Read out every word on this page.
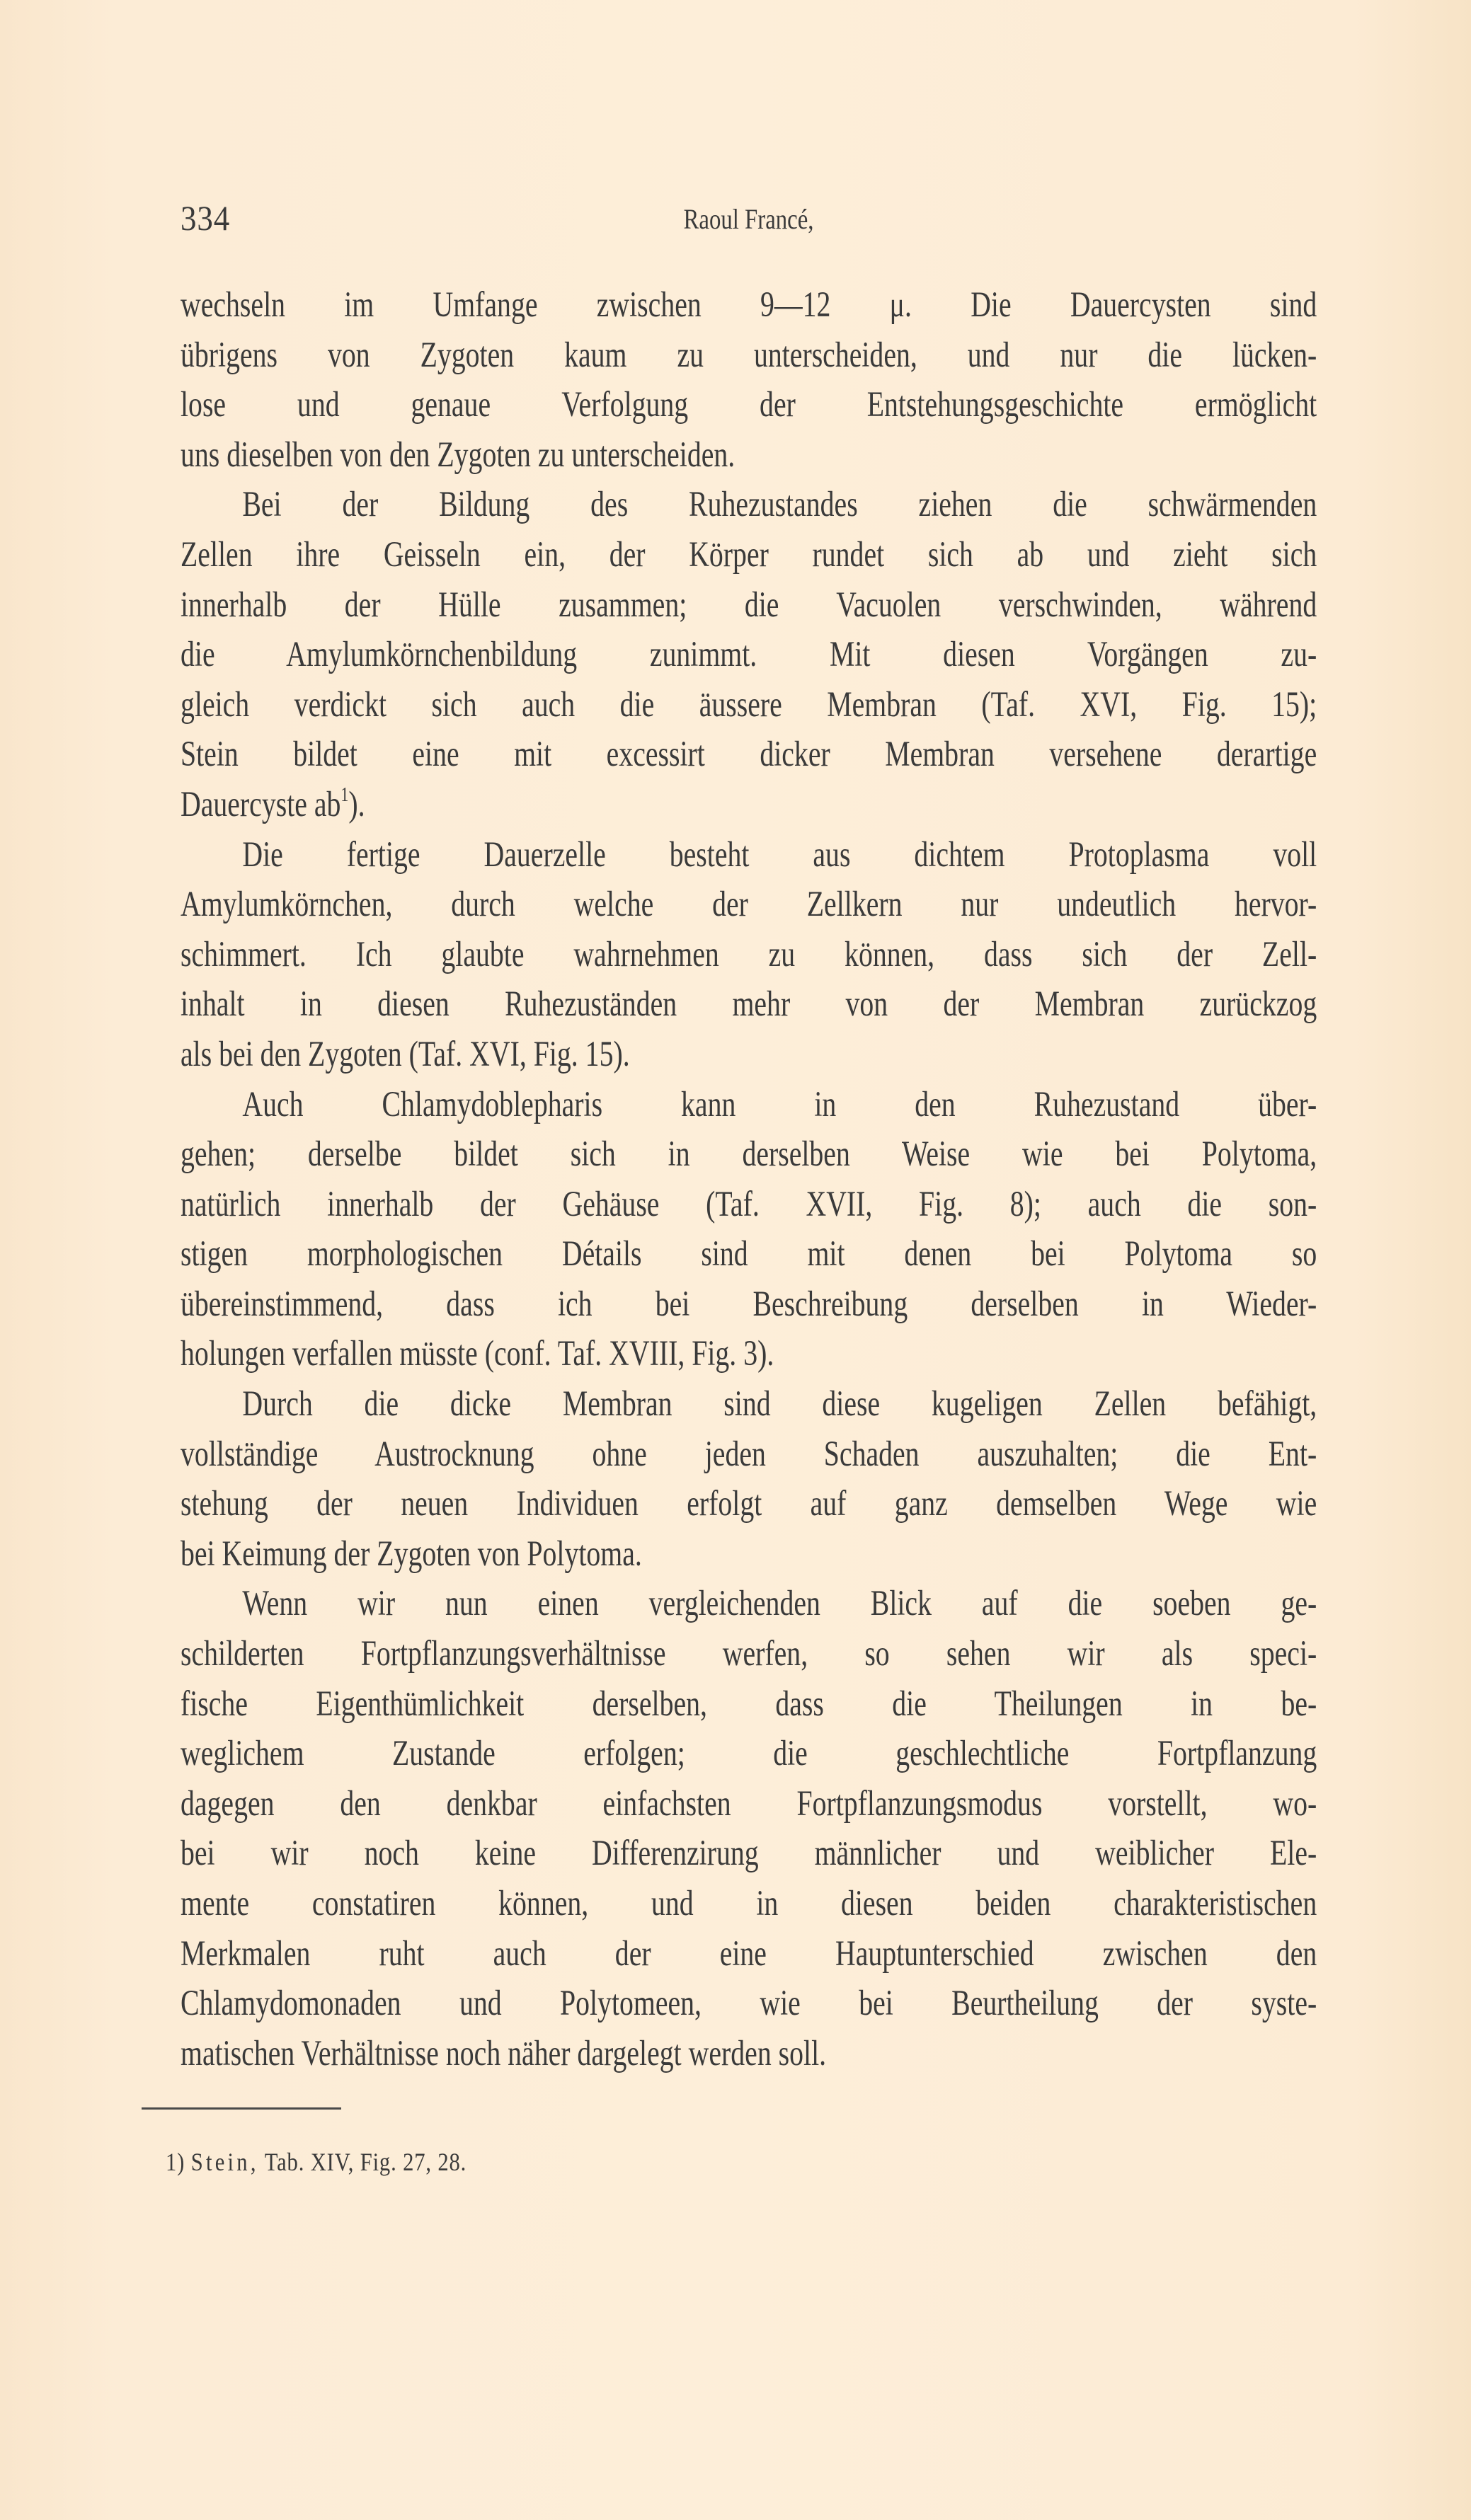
334	Raoul Francé,
wechseln im Umfange zwischen 9—12 μ. Die Dauercysten sind
übrigens von Zygoten kaum zu unterscheiden, und nur die lücken-
lose und genaue Verfolgung der Entstehungsgeschichte ermöglicht
uns dieselben von den Zygoten zu unterscheiden.
Bei der Bildung des Ruhezustandes ziehen die schwärmenden
Zellen ihre Geisseln ein, der Körper rundet sich ab und zieht sich
innerhalb der Hülle zusammen; die Vacuolen verschwinden, während
die Amylumkörnchenbildung zunimmt. Mit diesen Vorgängen zu-
gleich verdickt sich auch die äussere Membran (Taf. XVI, Fig. 15);
Stein bildet eine mit excessirt dicker Membran versehene derartige
Dauercyste $ab^1$).
Die fertige Dauerzelle besteht aus dichtem Protoplasma voll
Amylumkörnchen, durch welche der Zellkern nur undeutlich hervor-
schimmert. Ich glaubte wahrnehmen zu können, dass sich der Zell-
inhalt in diesen Ruhezuständen mehr von der Membran zurückzog
als bei den Zygoten (Taf. XVI, Fig. 15).
Auch Chlamydoblepharis kann in den Ruhezustand über-
gehen; derselbe bildet sich in derselben Weise wie bei Polytoma,
natürlich innerhalb der Gehäuse (Taf. XVII, Fig. 8); auch die son-
stigen morphologischen Détails sind mit denen bei Polytoma so
übereinstimmend, dass ich bei Beschreibung derselben in Wieder-
holungen verfallen müsste (conf. Taf. XVIII, Fig. 3).
Durch die dicke Membran sind diese kugeligen Zellen befähigt,
vollständige Austrocknung ohne jeden Schaden auszuhalten; die Ent-
stehung der neuen Individuen erfolgt auf ganz demselben Wege wie
bei Keimung der Zygoten von Polytoma.
Wenn wir nun einen vergleichenden Blick auf die soeben ge-
schilderten Fortpflanzungsverhältnisse werfen, so sehen wir als speci-
fische Eigenthümlichkeit derselben, dass die Theilungen in be-
weglichem Zustande erfolgen; die geschlechtliche Fortpflanzung
dagegen den denkbar einfachsten Fortpflanzungsmodus vorstellt, wo-
bei wir noch keine Differenzirung männlicher und weiblicher Ele-
mente constatiren können, und in diesen beiden charakteristischen
Merkmalen ruht auch der eine Hauptunterschied zwischen den
Chlamydomonaden und Polytomeen, wie bei Beurtheilung der syste-
matischen Verhältnisse noch näher dargelegt werden soll.
1) Stein, Tab. XIV, Fig. 27, 28.
